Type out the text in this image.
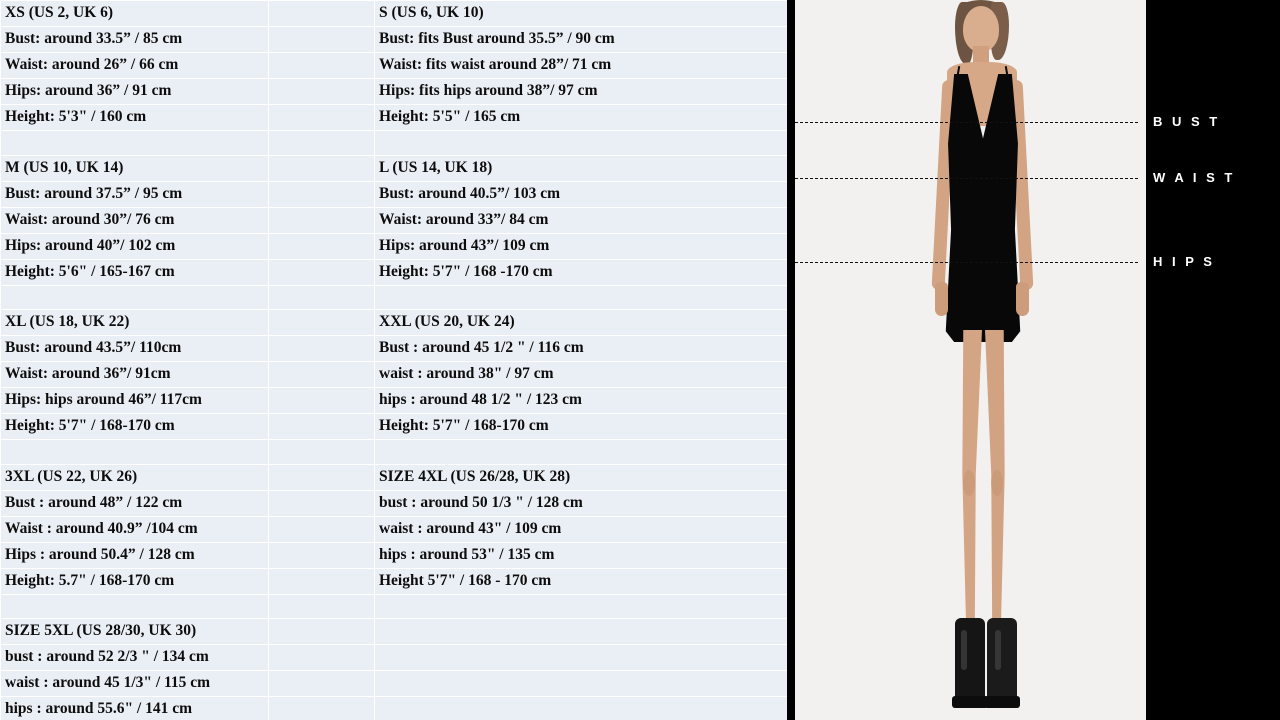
XS (US 2, UK 6)		S (US 6, UK 10)
Bust: around 33.5” / 85 cm		Bust: fits Bust around 35.5” / 90 cm
Waist: around 26” / 66 cm		Waist: fits waist around 28”/ 71 cm
Hips: around 36” / 91 cm		Hips: fits hips around 38”/ 97 cm
Height: 5'3" / 160 cm		Height: 5'5" / 165 cm

M (US 10, UK 14)		L (US 14, UK 18)
Bust: around 37.5” / 95 cm		Bust: around 40.5”/ 103 cm
Waist: around 30”/ 76 cm		Waist: around 33”/ 84 cm
Hips: around 40”/ 102 cm		Hips: around 43”/ 109 cm
Height: 5'6" / 165-167 cm		Height: 5'7" / 168 -170 cm

XL (US 18, UK 22)		XXL (US 20, UK 24)
Bust: around 43.5”/ 110cm		Bust : around 45 1/2 " / 116 cm
Waist: around 36”/ 91cm		waist : around 38" / 97 cm
Hips: hips around 46”/ 117cm		hips : around 48 1/2 " / 123 cm
Height: 5'7" / 168-170 cm		Height: 5'7" / 168-170 cm

3XL (US 22, UK 26)		SIZE 4XL (US 26/28, UK 28)
Bust : around 48” / 122 cm		bust : around 50 1/3 " / 128 cm
Waist : around 40.9” /104 cm		waist : around 43" / 109 cm
Hips : around 50.4” / 128 cm		hips : around 53" / 135 cm
Height: 5.7" / 168-170 cm		Height 5'7" / 168 - 170 cm

SIZE 5XL (US 28/30, UK 30)		
bust : around 52 2/3 " / 134 cm		
waist : around 45 1/3" / 115 cm		
hips : around 55.6" / 141 cm		
B U S T
W A I S T
H I P S
